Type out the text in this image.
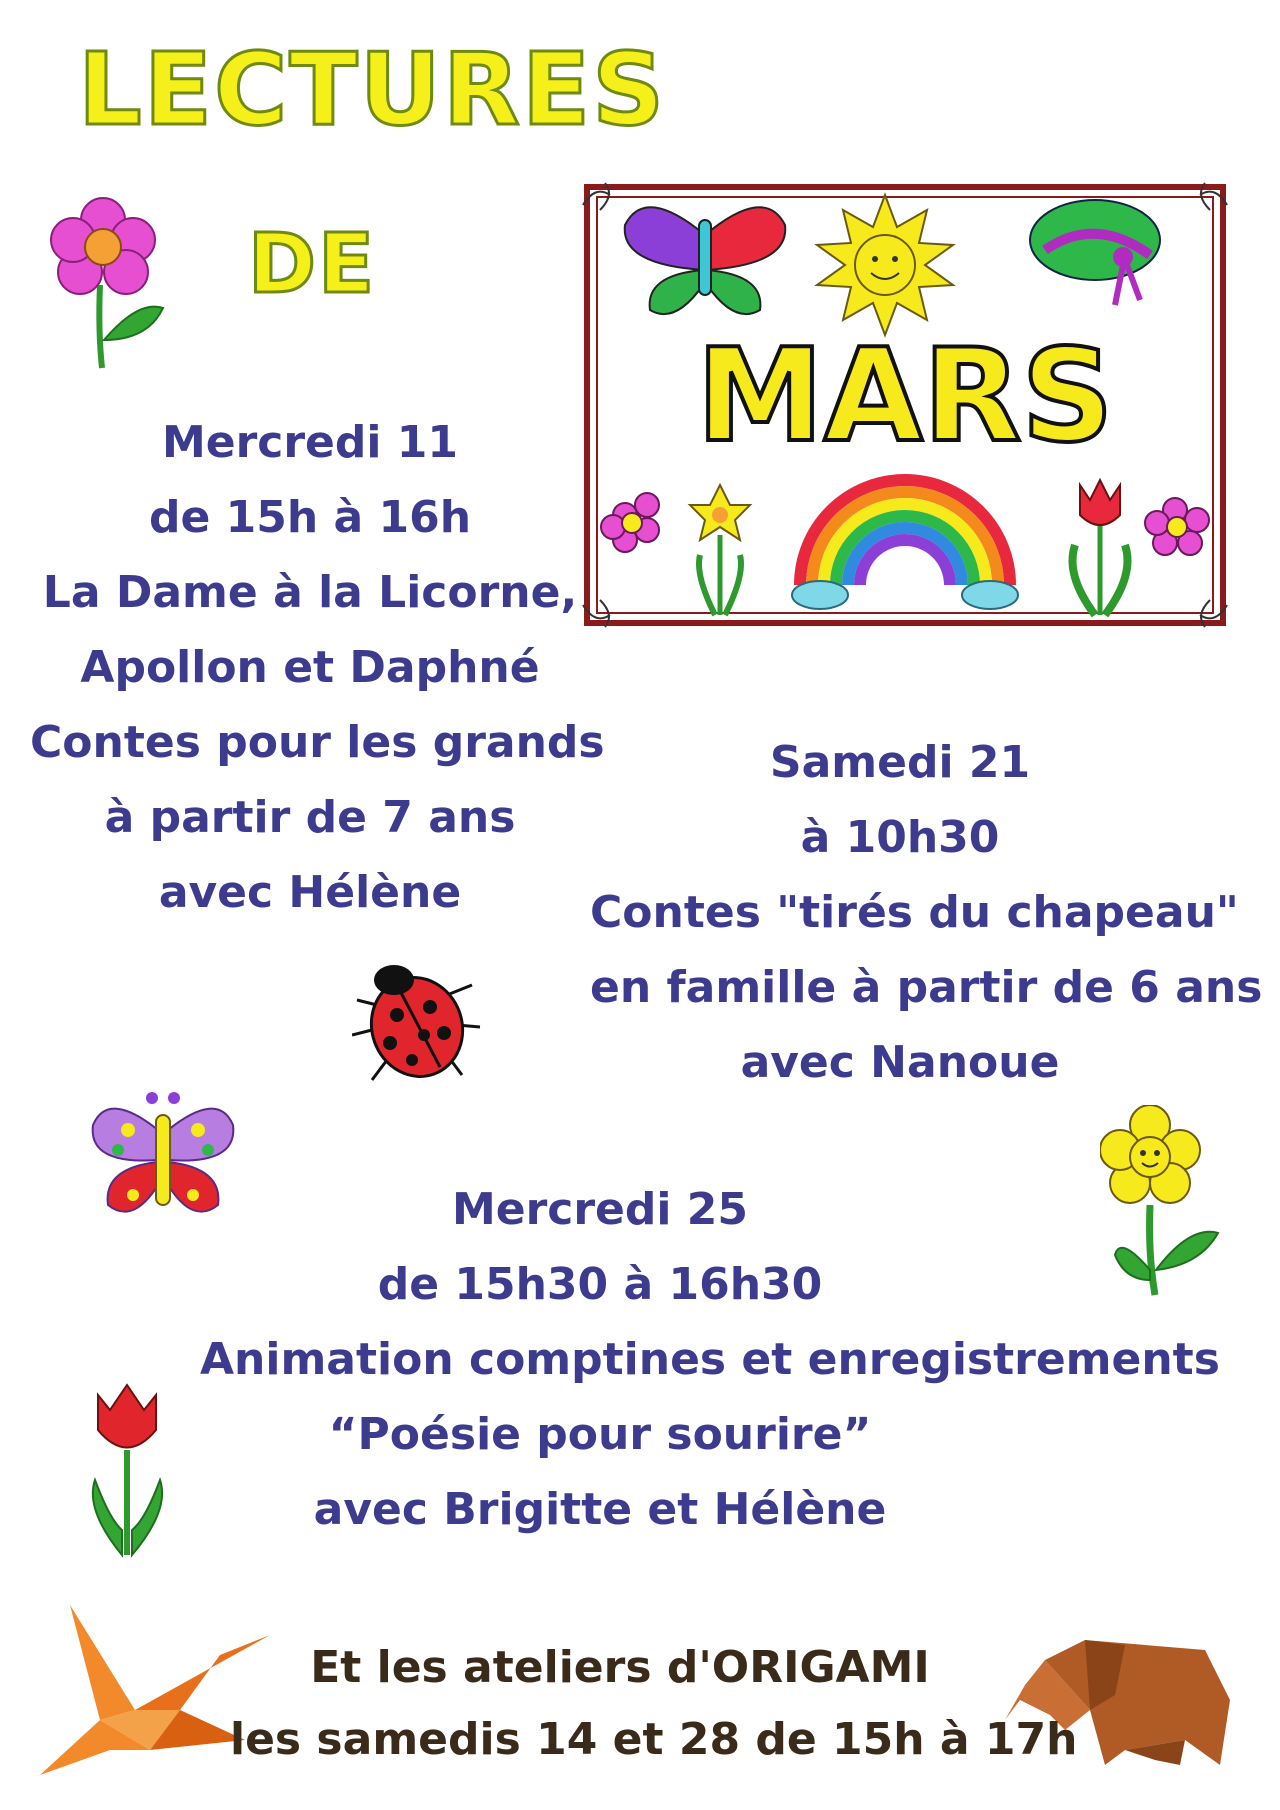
LECTURES
DE
MARS
Mercredi 11
de 15h à 16h
La Dame à la Licorne,
Apollon et Daphné
Contes pour les grands
à partir de 7 ans
avec Hélène
Samedi 21
à 10h30
Contes "tirés du chapeau"
en famille à partir de 6 ans
avec Nanoue
Mercredi 25
de 15h30 à 16h30
Animation comptines et enregistrements
“Poésie pour sourire”
avec Brigitte et Hélène
Et les ateliers d'ORIGAMI
les samedis 14 et 28 de 15h à 17h
